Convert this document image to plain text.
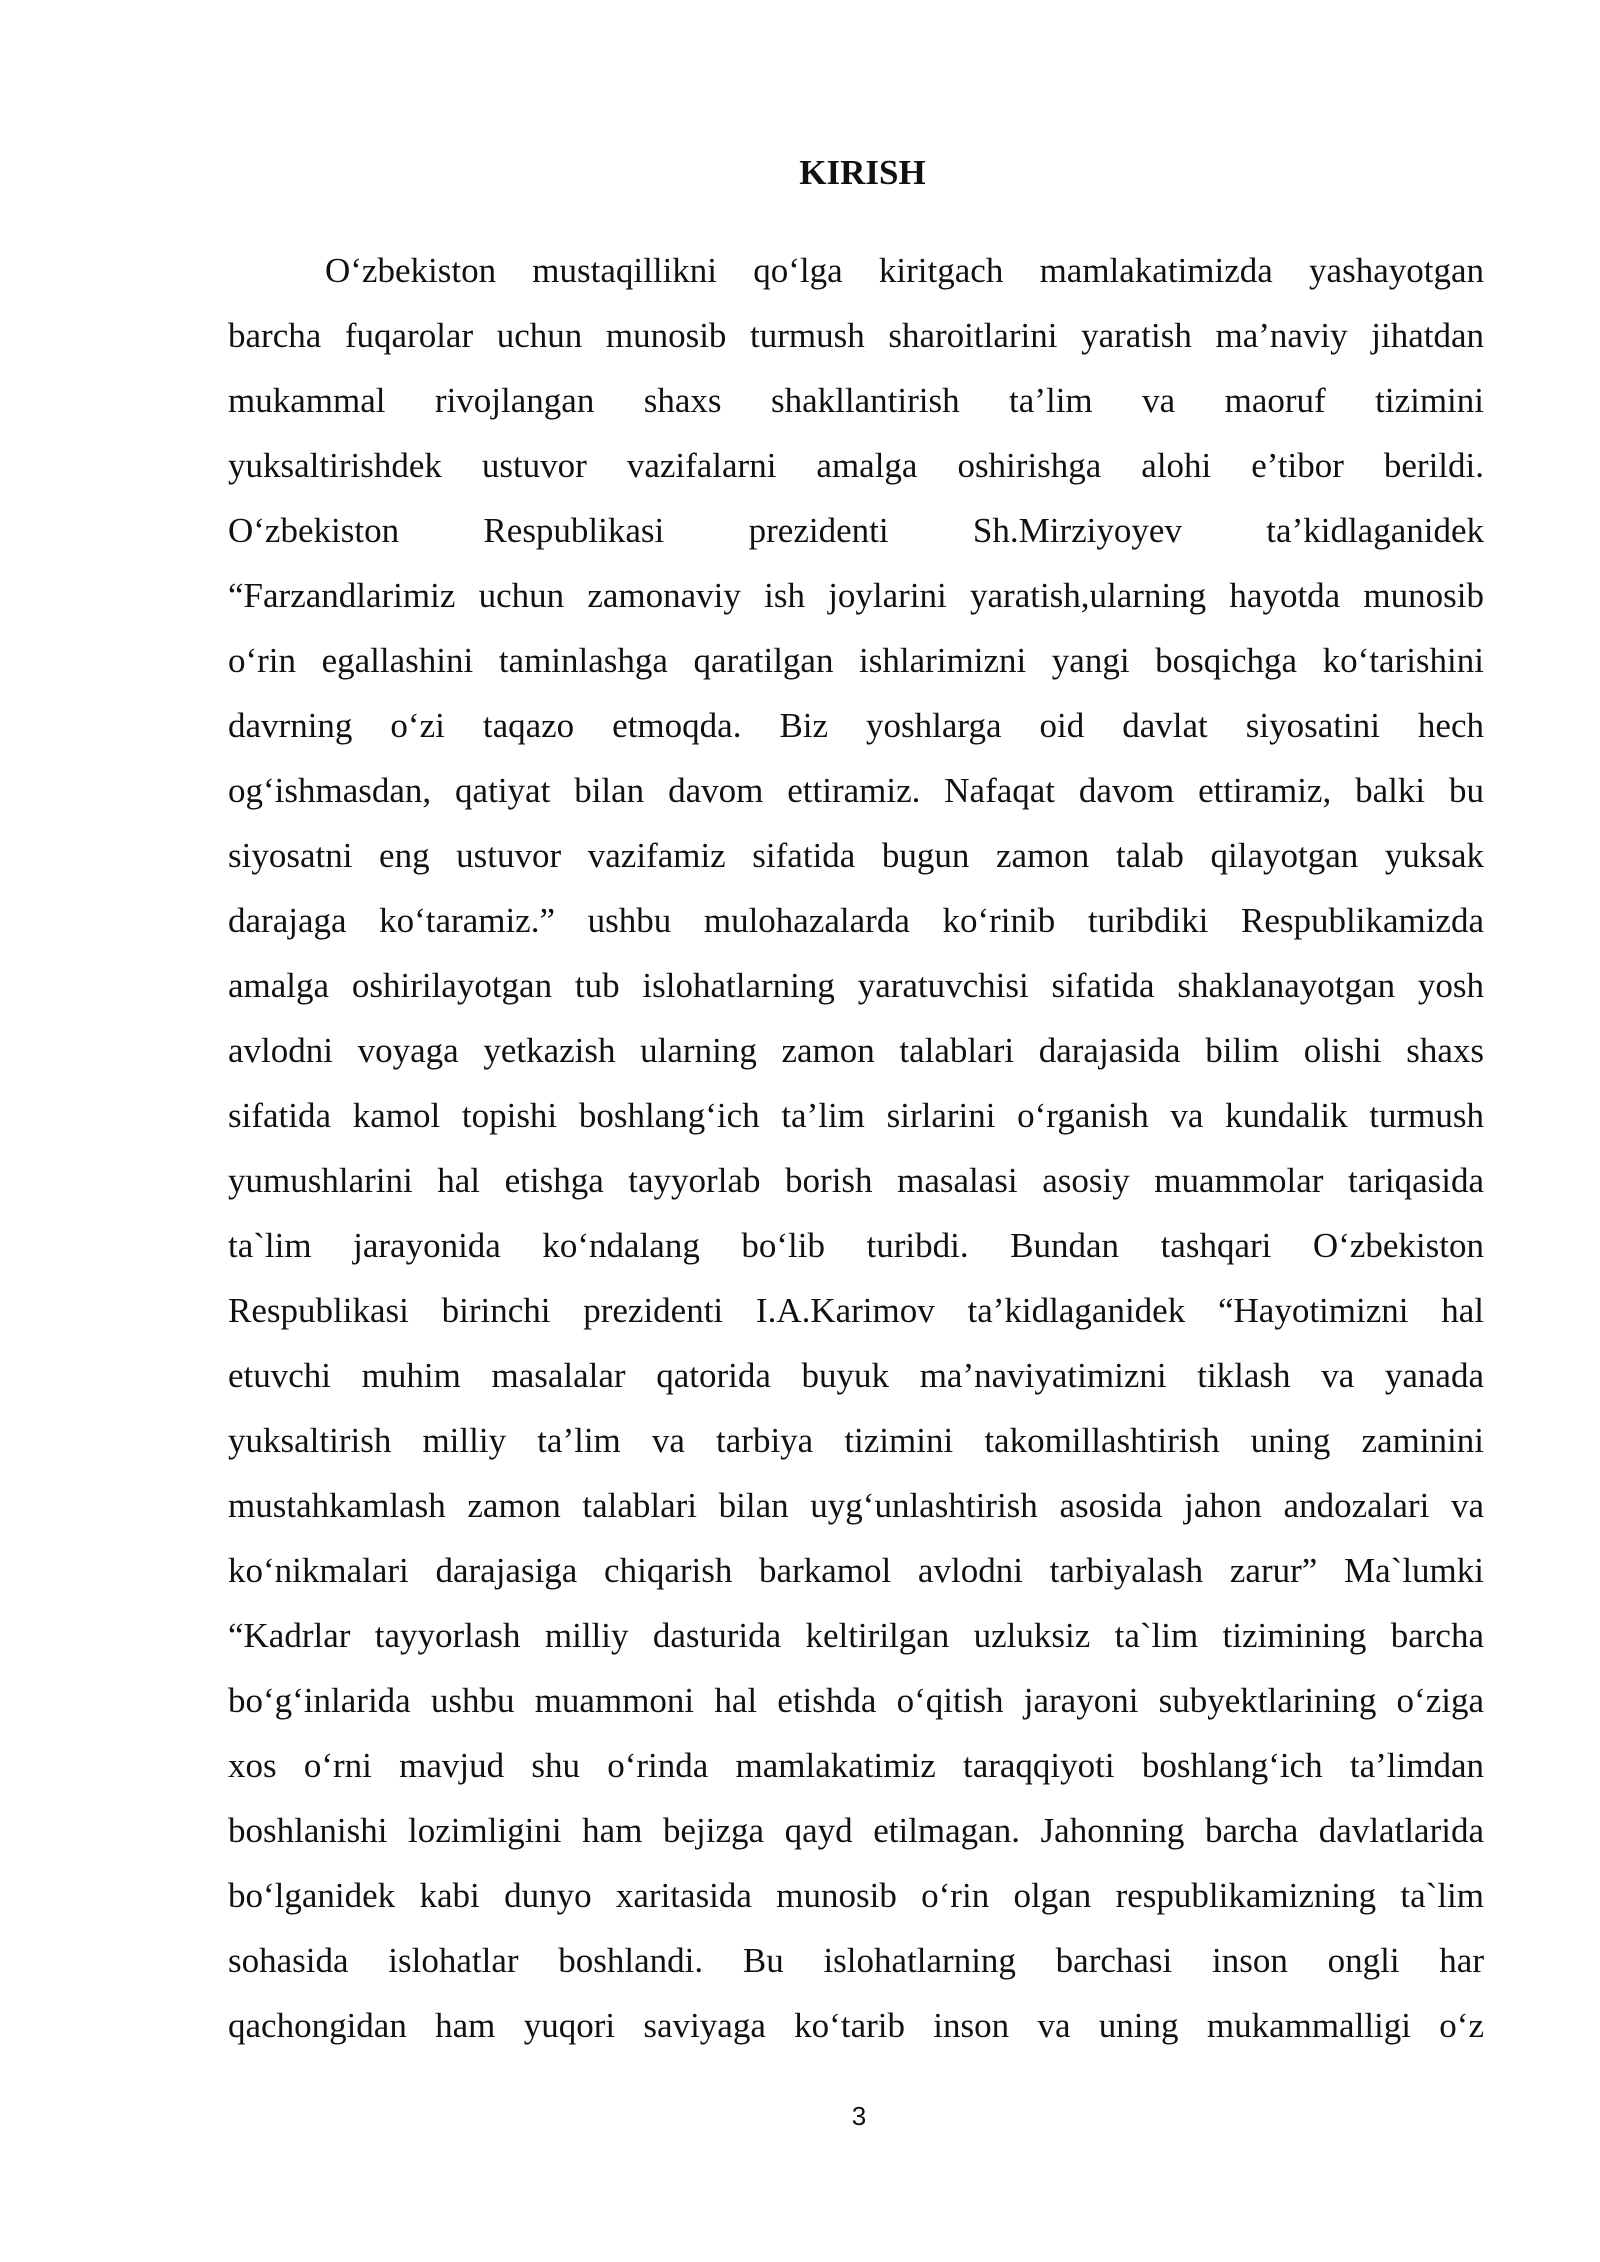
KIRISH
O‘zbekiston mustaqillikni qo‘lga kiritgach mamlakatimizda yashayotgan
barcha fuqarolar uchun munosib turmush sharoitlarini yaratish ma’naviy jihatdan
mukammal rivojlangan shaxs shakllantirish ta’lim va maoruf tizimini
yuksaltirishdek ustuvor vazifalarni amalga oshirishga alohi e’tibor berildi.
O‘zbekiston Respublikasi prezidenti Sh.Mirziyoyev ta’kidlaganidek
“Farzandlarimiz uchun zamonaviy ish joylarini yaratish,ularning hayotda munosib
o‘rin egallashini taminlashga qaratilgan ishlarimizni yangi bosqichga ko‘tarishini
davrning o‘zi taqazo etmoqda. Biz yoshlarga oid davlat siyosatini hech
og‘ishmasdan, qatiyat bilan davom ettiramiz. Nafaqat davom ettiramiz, balki bu
siyosatni eng ustuvor vazifamiz sifatida bugun zamon talab qilayotgan yuksak
darajaga ko‘taramiz.” ushbu mulohazalarda ko‘rinib turibdiki Respublikamizda
amalga oshirilayotgan tub islohatlarning yaratuvchisi sifatida shaklanayotgan yosh
avlodni voyaga yetkazish ularning zamon talablari darajasida bilim olishi shaxs
sifatida kamol topishi boshlang‘ich ta’lim sirlarini o‘rganish va kundalik turmush
yumushlarini hal etishga tayyorlab borish masalasi asosiy muammolar tariqasida
ta`lim jarayonida ko‘ndalang bo‘lib turibdi. Bundan tashqari O‘zbekiston
Respublikasi birinchi prezidenti I.A.Karimov ta’kidlaganidek “Hayotimizni hal
etuvchi muhim masalalar qatorida buyuk ma’naviyatimizni tiklash va yanada
yuksaltirish milliy ta’lim va tarbiya tizimini takomillashtirish uning zaminini
mustahkamlash zamon talablari bilan uyg‘unlashtirish asosida jahon andozalari va
ko‘nikmalari darajasiga chiqarish barkamol avlodni tarbiyalash zarur” Ma`lumki
“Kadrlar tayyorlash milliy dasturida keltirilgan uzluksiz ta`lim tizimining barcha
bo‘g‘inlarida ushbu muammoni hal etishda o‘qitish jarayoni subyektlarining o‘ziga
xos o‘rni mavjud shu o‘rinda mamlakatimiz taraqqiyoti boshlang‘ich ta’limdan
boshlanishi lozimligini ham bejizga qayd etilmagan. Jahonning barcha davlatlarida
bo‘lganidek kabi dunyo xaritasida munosib o‘rin olgan respublikamizning ta`lim
sohasida islohatlar boshlandi. Bu islohatlarning barchasi inson ongli har
qachongidan ham yuqori saviyaga ko‘tarib inson va uning mukammalligi o‘z
3
